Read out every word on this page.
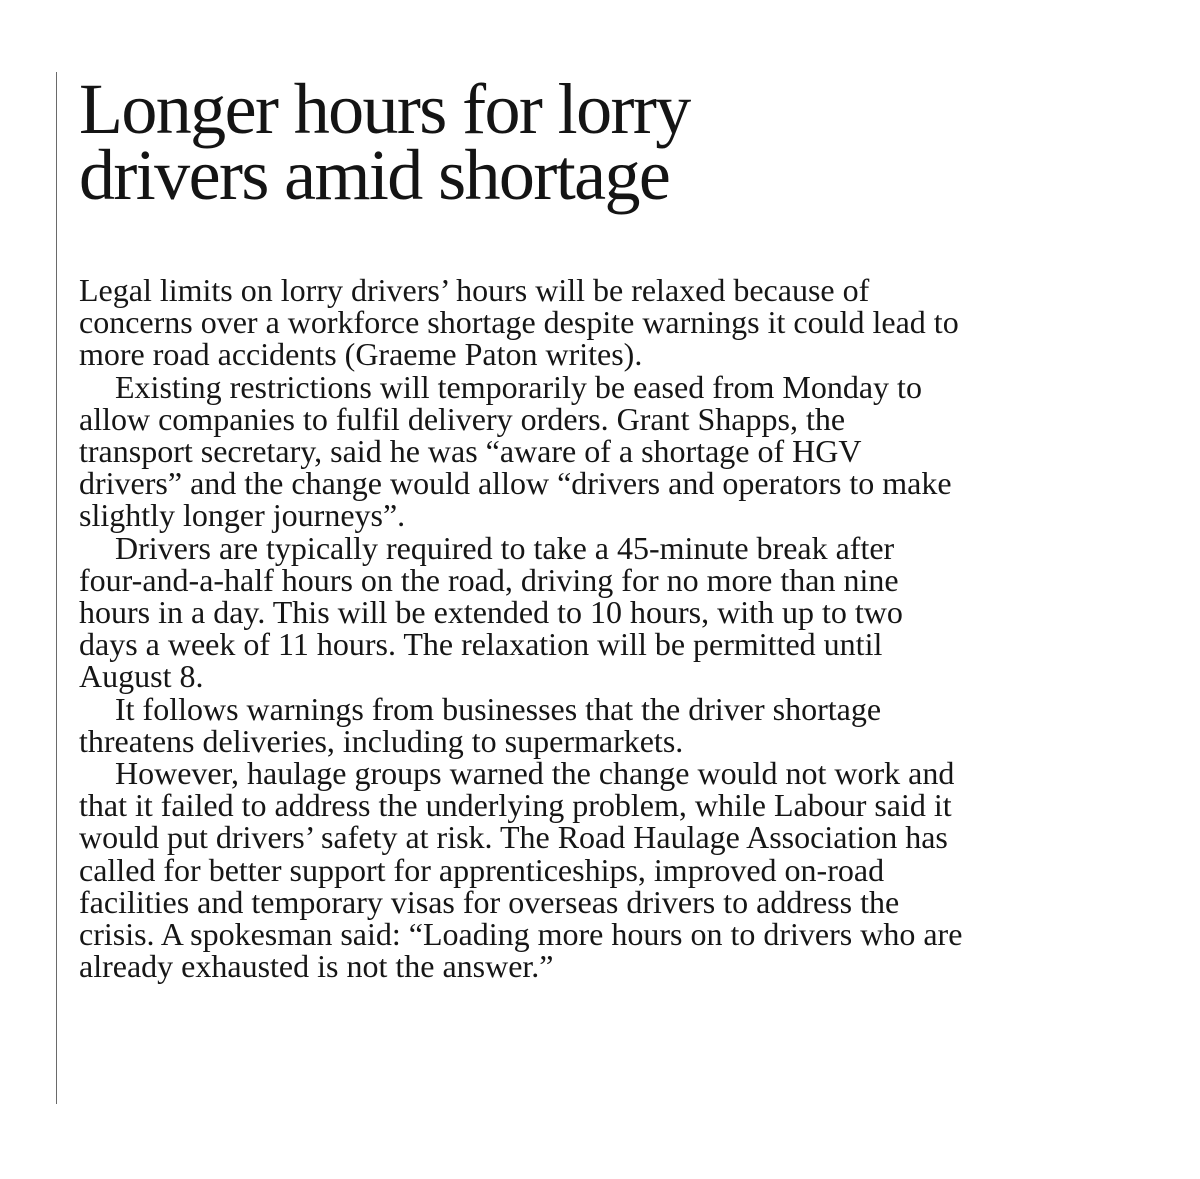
Longer hours for lorry
drivers amid shortage

Legal limits on lorry drivers’ hours will be relaxed because of
concerns over a workforce shortage despite warnings it could lead to
more road accidents (Graeme Paton writes).

Existing restrictions will temporarily be eased from Monday to
allow companies to fulfil delivery orders. Grant Shapps, the
transport secretary, said he was “aware of a shortage of HGV
drivers” and the change would allow “drivers and operators to make
slightly longer journeys”.

Drivers are typically required to take a 45-minute break after
four-and-a-half hours on the road, driving for no more than nine
hours in a day. This will be extended to 10 hours, with up to two
days a week of 11 hours. The relaxation will be permitted until
August 8.

It follows warnings from businesses that the driver shortage
threatens deliveries, including to supermarkets.

However, haulage groups warned the change would not work and
that it failed to address the underlying problem, while Labour said it
would put drivers’ safety at risk. The Road Haulage Association has
called for better support for apprenticeships, improved on-road
facilities and temporary visas for overseas drivers to address the
crisis. A spokesman said: “Loading more hours on to drivers who are
already exhausted is not the answer.”
